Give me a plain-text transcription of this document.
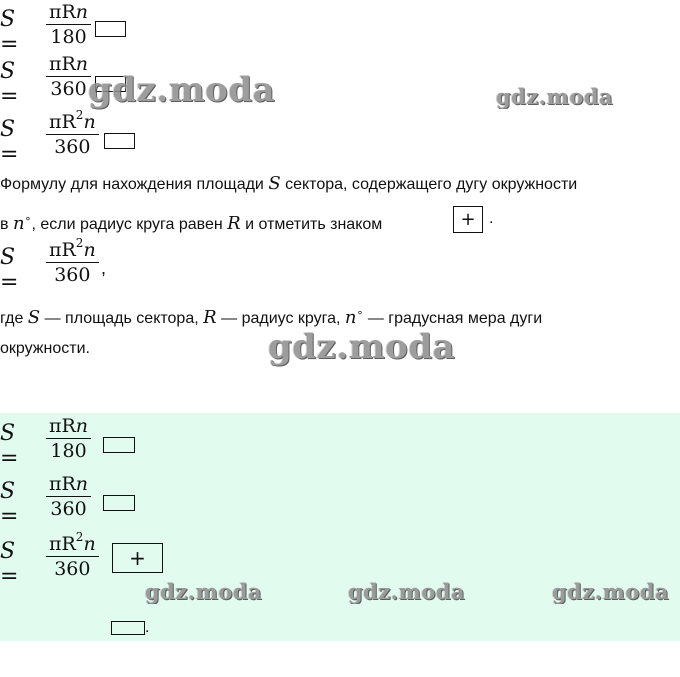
S =
πRn
180
S =
πRn
360
$S = \frac{\pi R^2n}{360}$
Формулу для нахождения площади S сектора, содержащего дугу окружности
в n∘, если радиус круга равен R и отметить знаком	+ .
$S = \frac{\pi R^2n}{360}$ ,
где S — площадь сектора, R — радиус круга, n∘ — градусная мера дуги
окружности.
S =
πRn
180
S =
πRn
360
$S = \frac{\pi R^2n}{360}$	+
.
gdz.moda	gdz.moda
gdz.moda
gdz.moda	gdz.moda	gdz.moda
